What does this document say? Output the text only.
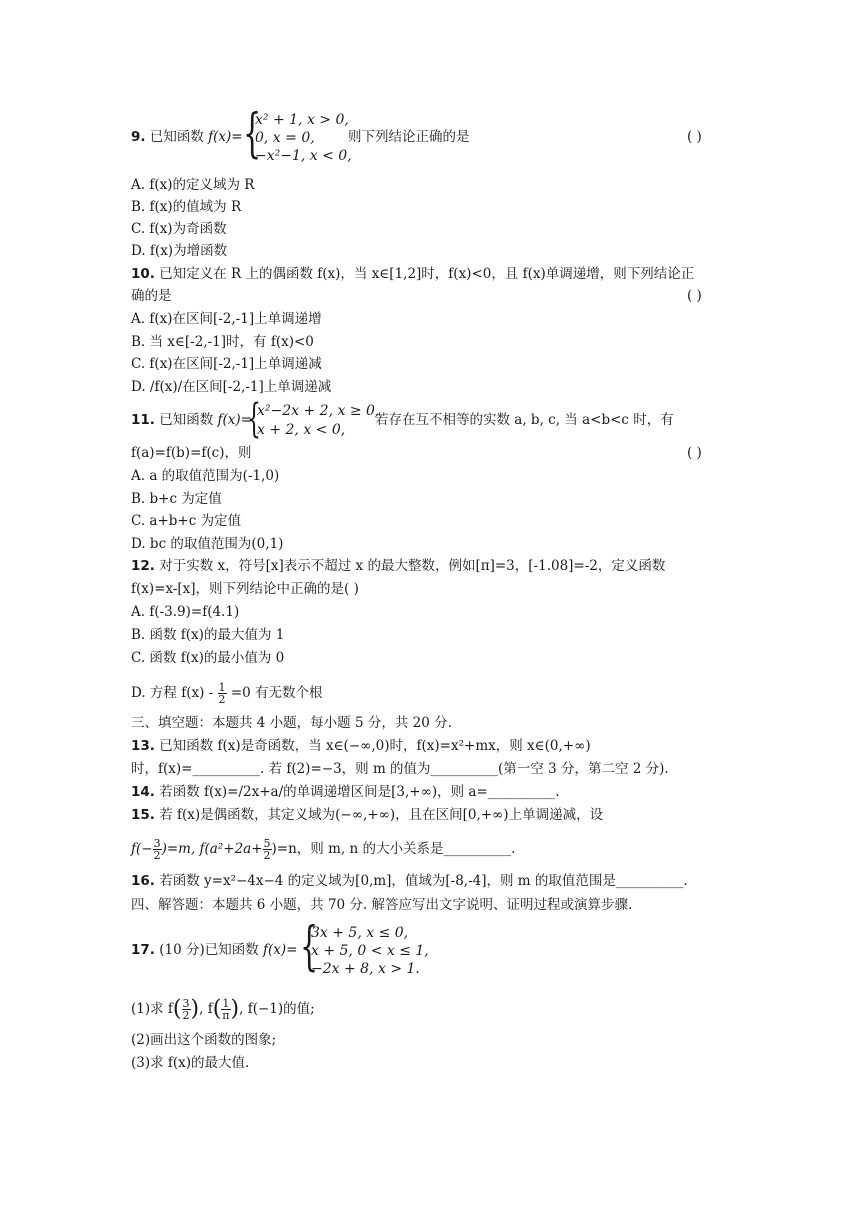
9. 已知函数 f(x)= {
x² + 1, x > 0,
0, x = 0,
−x²−1, x < 0,
则下列结论正确的是	( )
A. f(x)的定义域为 R
B. f(x)的值域为 R
C. f(x)为奇函数
D. f(x)为增函数
10. 已知定义在 R 上的偶函数 f(x)，当 x∈[1,2]时，f(x)<0，且 f(x)单调递增，则下列结论正
确的是	( )
A. f(x)在区间[-2,-1]上单调递增
B. 当 x∈[-2,-1]时，有 f(x)<0
C. f(x)在区间[-2,-1]上单调递减
D. /f(x)/在区间[-2,-1]上单调递减
11. 已知函数 f(x)=
{
x²−2x + 2, x ≥ 0,
x + 2, x < 0,
若存在互不相等的实数 a, b, c, 当 a<b<c 时，有
f(a)=f(b)=f(c)，则	( )
A. a 的取值范围为(-1,0)
B. b+c 为定值
C. a+b+c 为定值
D. bc 的取值范围为(0,1)
12. 对于实数 x，符号[x]表示不超过 x 的最大整数，例如[π]=3，[-1.08]=-2，定义函数
f(x)=x-[x]，则下列结论中正确的是( )
A. f(-3.9)=f(4.1)
B. 函数 f(x)的最大值为 1
C. 函数 f(x)的最小值为 0
D. 方程 $f(x) - \frac{1}{2} =0$ 有无数个根
三、填空题：本题共 4 小题，每小题 5 分，共 20 分.
13. 已知函数 f(x)是奇函数，当 x∈(−∞,0)时，f(x)=x²+mx，则 x∈(0,+∞)
时，f(x)=__________. 若 f(2)=−3，则 m 的值为__________(第一空 3 分，第二空 2 分).
14. 若函数 f(x)=/2x+a/的单调递增区间是[3,+∞)，则 a=__________.
15. 若 f(x)是偶函数，其定义域为(−∞,+∞)，且在区间[0,+∞)上单调递减，设
$f(- \frac{3}{2} )=m$, $f(a^2+2a+ \frac{5}{2} )=n$，则 m, n 的大小关系是__________.
16. 若函数 y=x²−4x−4 的定义域为[0,m]，值域为[-8,-4]，则 m 的取值范围是__________.
四、解答题：本题共 6 小题，共 70 分. 解答应写出文字说明、证明过程或演算步骤.
17. (10 分)已知函数 f(x)= {
3x + 5, x ≤ 0,
x + 5, 0 < x ≤ 1,
−2x + 8, x > 1.
(1)求 $f( \frac{3}{2}$ ), $f( \frac{1}{\pi}$ ), f(−1)的值;
(2)画出这个函数的图象;
(3)求 f(x)的最大值.
